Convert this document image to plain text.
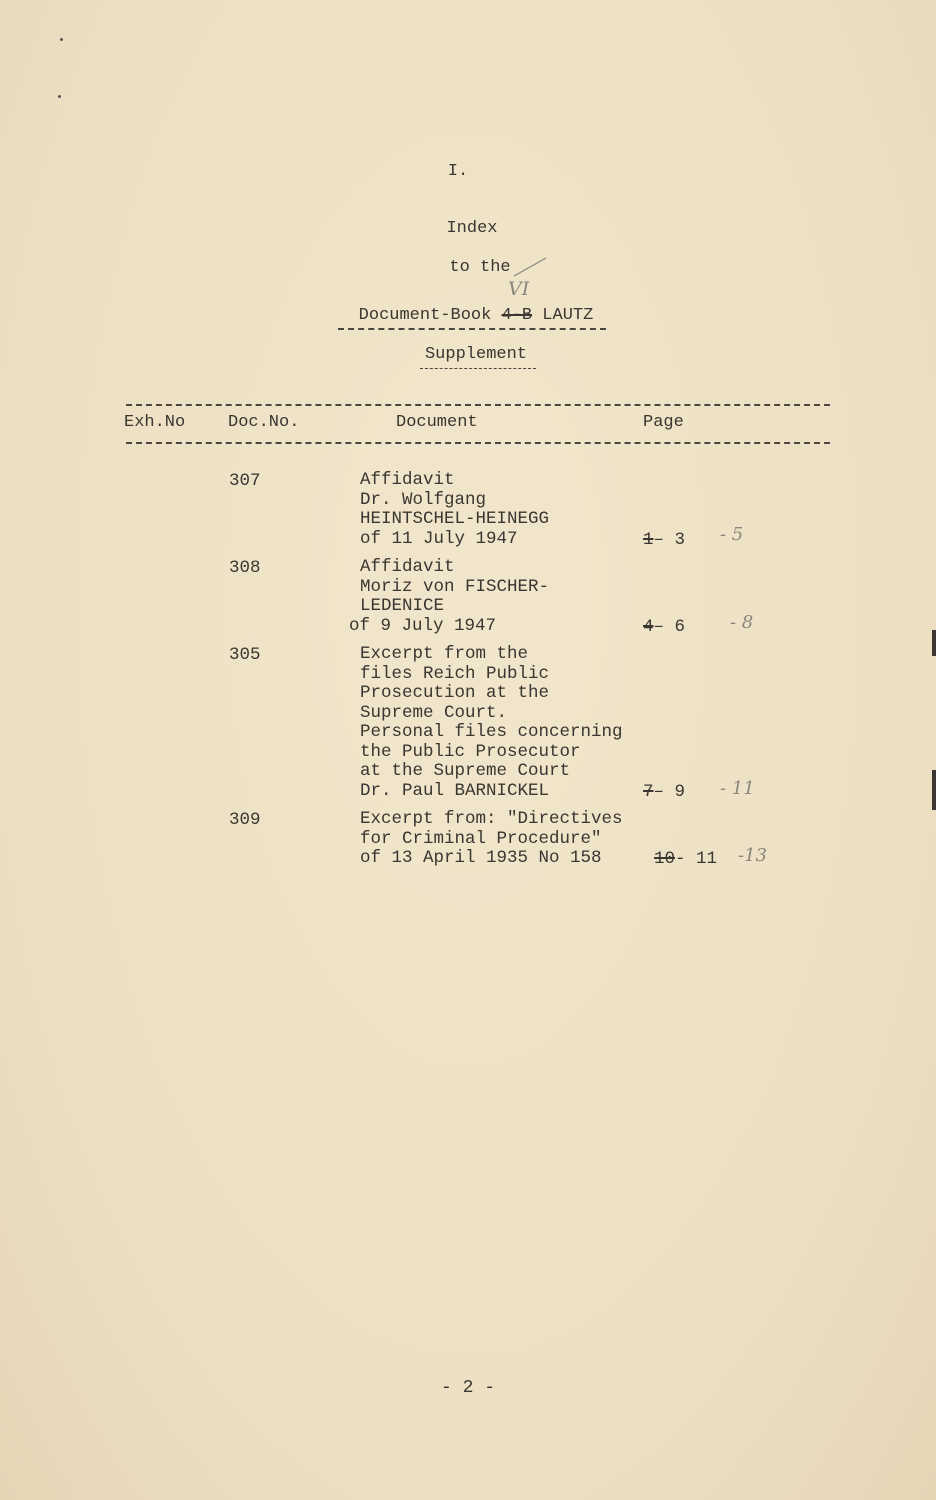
I.
Index
to the
VI
Document-Book 4-B LAUTZ
Supplement
Exh.No	Doc.No.	Document	Page
307	Affidavit
Dr. Wolfgang
HEINTSCHEL-HEINEGG
of 11 July 1947	1– 3 - 5
308	Affidavit
Moriz von FISCHER-
LEDENICE
of 9 July 1947	4– 6 - 8
305	Excerpt from the
files Reich Public
Prosecution at the
Supreme Court.
Personal files concerning
the Public Prosecutor
at the Supreme Court
Dr. Paul BARNICKEL	7– 9 - 11
309	Excerpt from: "Directives
for Criminal Procedure"
of 13 April 1935 No 158	10- 11 -13
- 2 -
